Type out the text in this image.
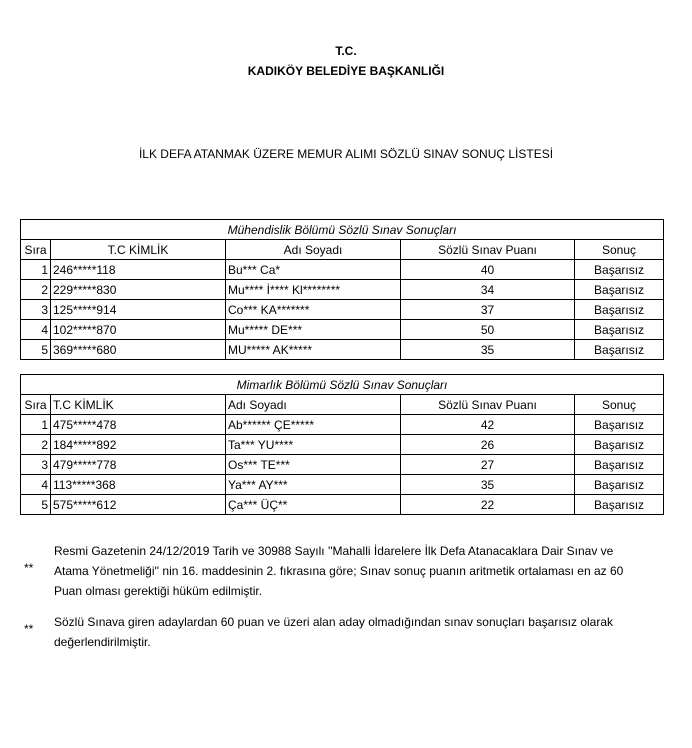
T.C.
KADIKÖY BELEDİYE BAŞKANLIĞI
İLK DEFA ATANMAK ÜZERE MEMUR ALIMI SÖZLÜ SINAV SONUÇ LİSTESİ
Mühendislik Bölümü Sözlü Sınav Sonuçları				
Sıra	T.C KİMLİK	Adı Soyadı	Sözlü Sınav Puanı	Sonuç
1	246*****118	Bu*** Ca*	40	Başarısız
2	229*****830	Mu**** İ**** Kl********	34	Başarısız
3	125*****914	Co*** KA*******	37	Başarısız
4	102*****870	Mu***** DE***	50	Başarısız
5	369*****680	MU***** AK*****	35	Başarısız
Mimarlık Bölümü Sözlü Sınav Sonuçları				
Sıra	T.C KİMLİK	Adı Soyadı	Sözlü Sınav Puanı	Sonuç
1	475*****478	Ab****** ÇE*****	42	Başarısız
2	184*****892	Ta*** YU****	26	Başarısız
3	479*****778	Os*** TE***	27	Başarısız
4	113*****368	Ya*** AY***	35	Başarısız
5	575*****612	Ça*** ÜÇ**	22	Başarısız
**
Resmi Gazetenin 24/12/2019 Tarih ve 30988 Sayılı ''Mahalli İdarelere İlk Defa Atanacaklara Dair Sınav ve Atama Yönetmeliği'' nin 16. maddesinin 2. fıkrasına göre; Sınav sonuç puanın aritmetik ortalaması en az 60 Puan olması gerektiği hüküm edilmiştir.
** Sözlü Sınava giren adaylardan 60 puan ve üzeri alan aday olmadığından sınav sonuçları başarısız olarak değerlendirilmiştir.
